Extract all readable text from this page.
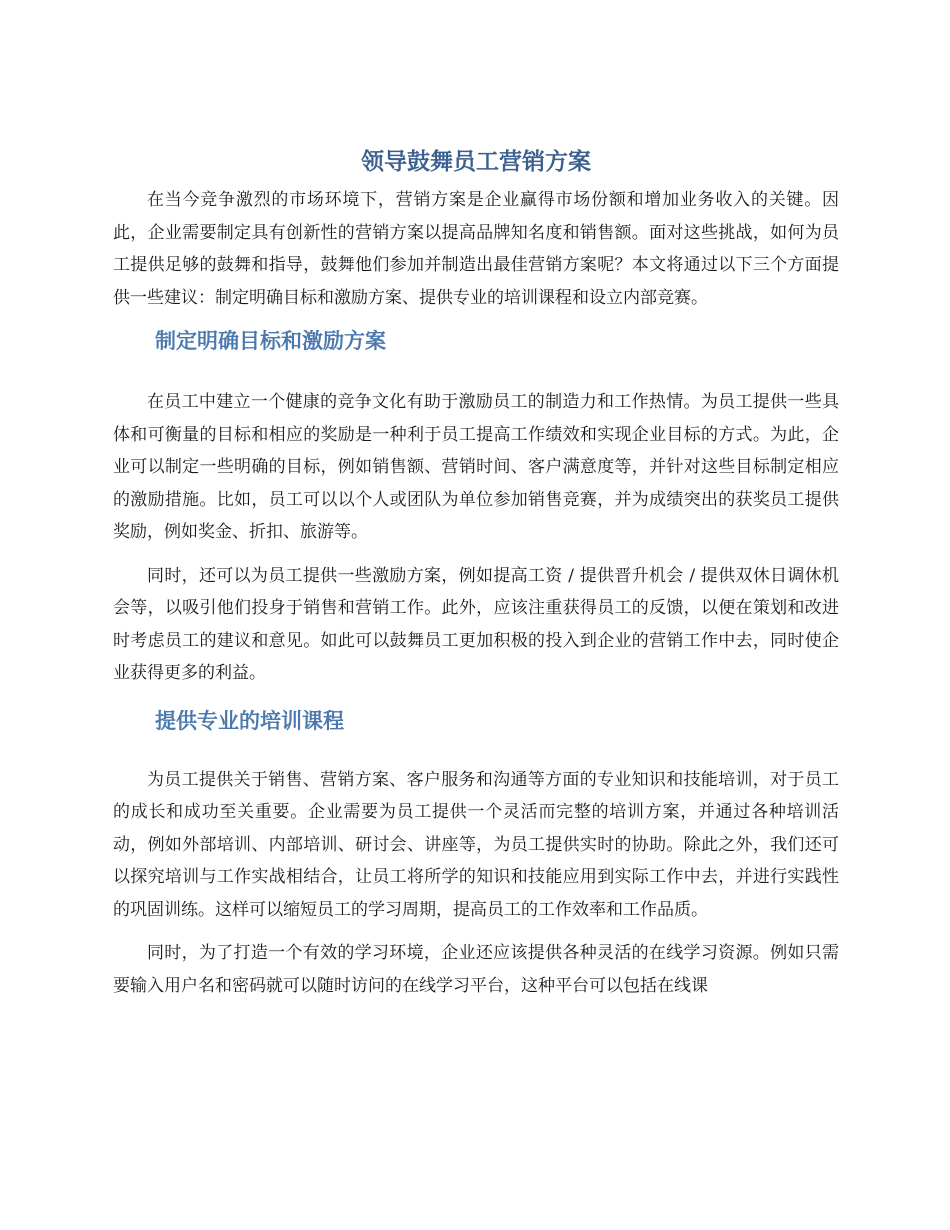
领导鼓舞员工营销方案

在当今竞争激烈的市场环境下，营销方案是企业赢得市场份额和增加业务收入的关键。因此，企业需要制定具有创新性的营销方案以提高品牌知名度和销售额。面对这些挑战，如何为员工提供足够的鼓舞和指导，鼓舞他们参加并制造出最佳营销方案呢？本文将通过以下三个方面提供一些建议：制定明确目标和激励方案、提供专业的培训课程和设立内部竞赛。

制定明确目标和激励方案

在员工中建立一个健康的竞争文化有助于激励员工的制造力和工作热情。为员工提供一些具体和可衡量的目标和相应的奖励是一种利于员工提高工作绩效和实现企业目标的方式。为此，企业可以制定一些明确的目标，例如销售额、营销时间、客户满意度等，并针对这些目标制定相应的激励措施。比如，员工可以以个人或团队为单位参加销售竞赛，并为成绩突出的获奖员工提供奖励，例如奖金、折扣、旅游等。

同时，还可以为员工提供一些激励方案，例如提高工资 / 提供晋升机会 / 提供双休日调休机会等，以吸引他们投身于销售和营销工作。此外，应该注重获得员工的反馈，以便在策划和改进时考虑员工的建议和意见。如此可以鼓舞员工更加积极的投入到企业的营销工作中去，同时使企业获得更多的利益。

提供专业的培训课程

为员工提供关于销售、营销方案、客户服务和沟通等方面的专业知识和技能培训，对于员工的成长和成功至关重要。企业需要为员工提供一个灵活而完整的培训方案，并通过各种培训活动，例如外部培训、内部培训、研讨会、讲座等，为员工提供实时的协助。除此之外，我们还可以探究培训与工作实战相结合，让员工将所学的知识和技能应用到实际工作中去，并进行实践性的巩固训练。这样可以缩短员工的学习周期，提高员工的工作效率和工作品质。

同时，为了打造一个有效的学习环境，企业还应该提供各种灵活的在线学习资源。例如只需要输入用户名和密码就可以随时访问的在线学习平台，这种平台可以包括在线课
